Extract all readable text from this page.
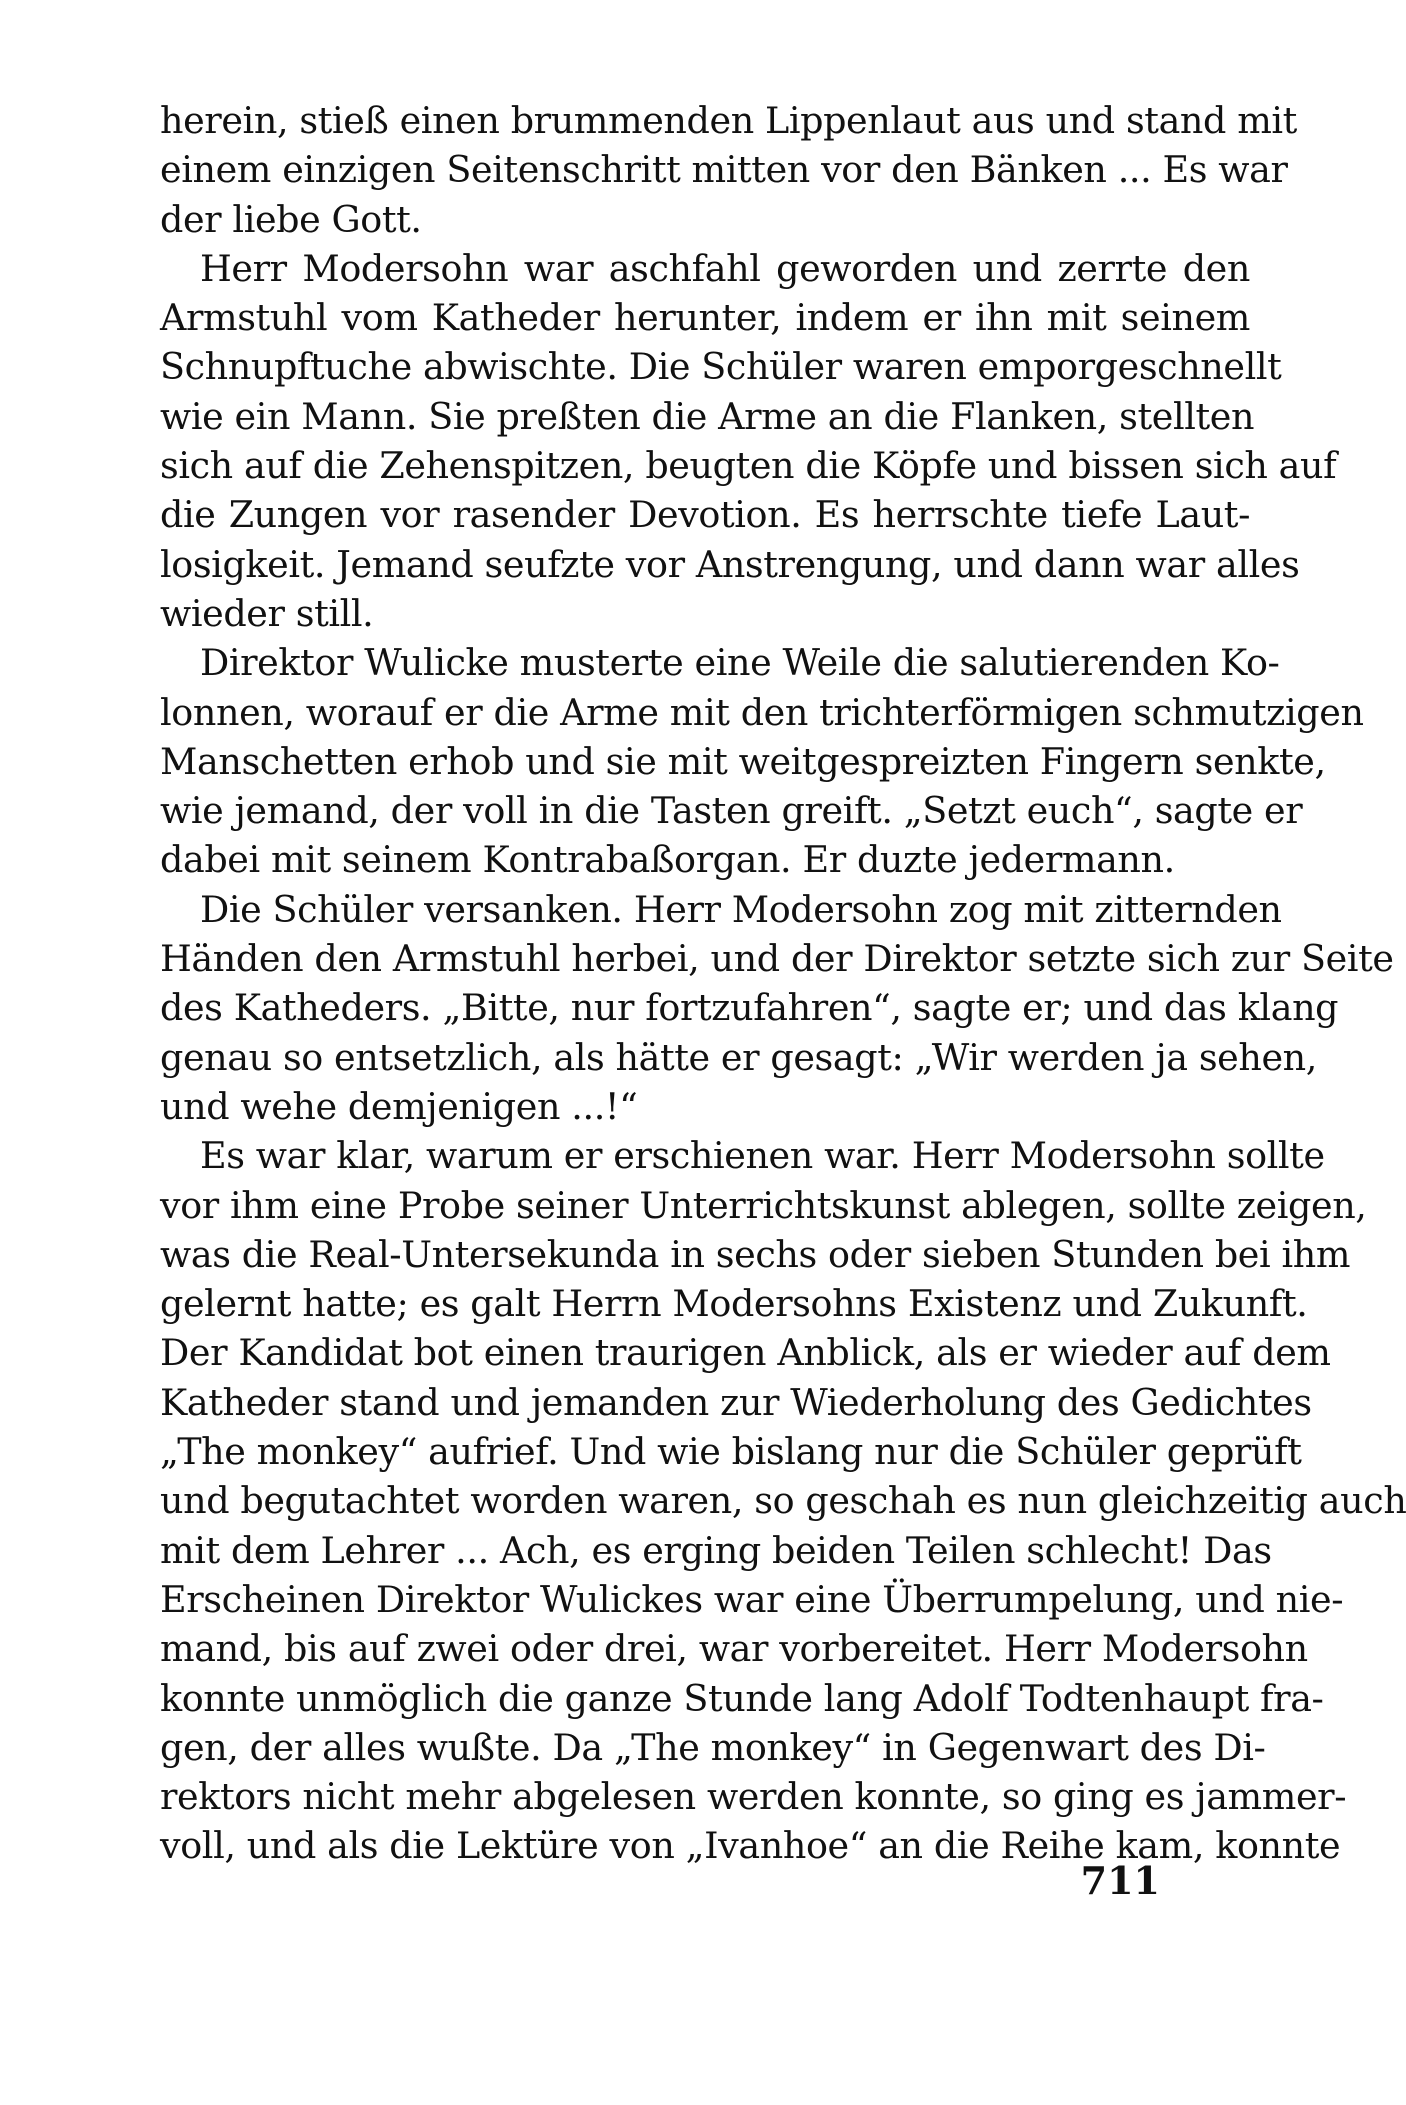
herein, stieß einen brummenden Lippenlaut aus und stand mit
einem einzigen Seitenschritt mitten vor den Bänken ... Es war
der liebe Gott.
Herr Modersohn war aschfahl geworden und zerrte den
Armstuhl vom Katheder herunter, indem er ihn mit seinem
Schnupftuche abwischte. Die Schüler waren emporgeschnellt
wie ein Mann. Sie preßten die Arme an die Flanken, stellten
sich auf die Zehenspitzen, beugten die Köpfe und bissen sich auf
die Zungen vor rasender Devotion. Es herrschte tiefe Laut-
losigkeit. Jemand seufzte vor Anstrengung, und dann war alles
wieder still.
Direktor Wulicke musterte eine Weile die salutierenden Ko-
lonnen, worauf er die Arme mit den trichterförmigen schmutzigen
Manschetten erhob und sie mit weitgespreizten Fingern senkte,
wie jemand, der voll in die Tasten greift. „Setzt euch“, sagte er
dabei mit seinem Kontrabaßorgan. Er duzte jedermann.
Die Schüler versanken. Herr Modersohn zog mit zitternden
Händen den Armstuhl herbei, und der Direktor setzte sich zur Seite
des Katheders. „Bitte, nur fortzufahren“, sagte er; und das klang
genau so entsetzlich, als hätte er gesagt: „Wir werden ja sehen,
und wehe demjenigen ...!“
Es war klar, warum er erschienen war. Herr Modersohn sollte
vor ihm eine Probe seiner Unterrichtskunst ablegen, sollte zeigen,
was die Real-Untersekunda in sechs oder sieben Stunden bei ihm
gelernt hatte; es galt Herrn Modersohns Existenz und Zukunft.
Der Kandidat bot einen traurigen Anblick, als er wieder auf dem
Katheder stand und jemanden zur Wiederholung des Gedichtes
„The monkey“ aufrief. Und wie bislang nur die Schüler geprüft
und begutachtet worden waren, so geschah es nun gleichzeitig auch
mit dem Lehrer ... Ach, es erging beiden Teilen schlecht! Das
Erscheinen Direktor Wulickes war eine Überrumpelung, und nie-
mand, bis auf zwei oder drei, war vorbereitet. Herr Modersohn
konnte unmöglich die ganze Stunde lang Adolf Todtenhaupt fra-
gen, der alles wußte. Da „The monkey“ in Gegenwart des Di-
rektors nicht mehr abgelesen werden konnte, so ging es jammer-
voll, und als die Lektüre von „Ivanhoe“ an die Reihe kam, konnte
711
